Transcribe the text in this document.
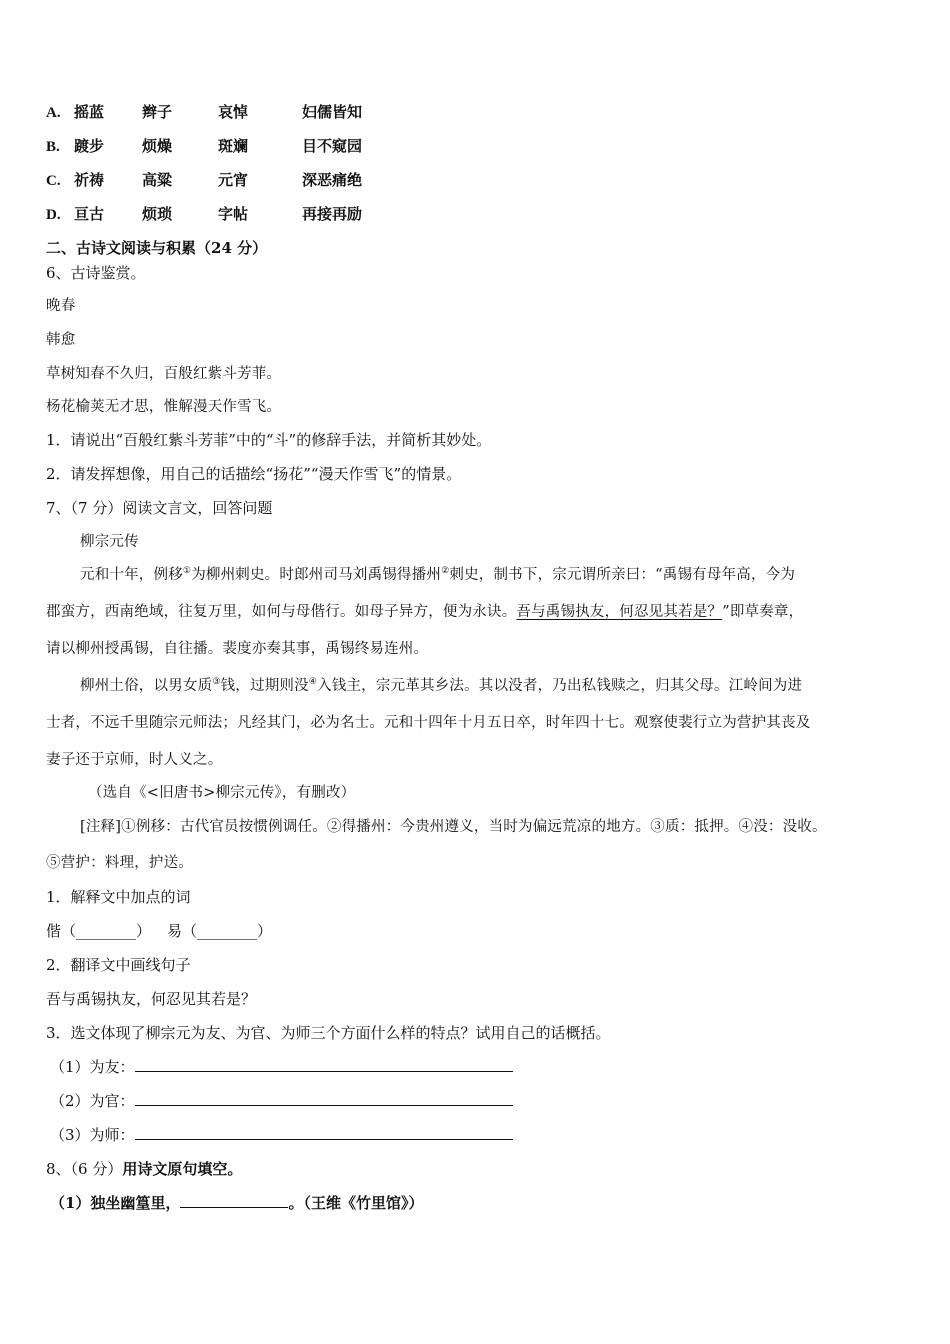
A. 摇蓝	辫子	哀悼	妇儒皆知
B. 踱步	烦燥	斑斓	目不窥园
C. 祈祷	高粱	元宵	深恶痛绝
D. 亘古	烦琐	字帖	再接再励
二、古诗文阅读与积累（24 分）
6、古诗鉴赏。
晚春
韩愈
草树知春不久归，百般红紫斗芳菲。
杨花榆荚无才思，惟解漫天作雪飞。
1．请说出“百般红紫斗芳菲”中的“斗”的修辞手法，并简析其妙处。
2．请发挥想像，用自己的话描绘“扬花”“漫天作雪飞”的情景。
7、（7 分）阅读文言文，回答问题
柳宗元传
元和十年，例移①为柳州刺史。时郎州司马刘禹锡得播州②刺史，制书下，宗元谓所亲曰：“禹锡有母年高，今为
郡蛮方，西南绝域，往复万里，如何与母偕行。如母子异方，便为永诀。吾与禹锡执友，何忍见其若是？”即草奏章，
请以柳州授禹锡，自往播。裴度亦奏其事，禹锡终易连州。
柳州土俗，以男女质③钱，过期则没④入钱主，宗元革其乡法。其以没者，乃出私钱赎之，归其父母。江岭间为进
士者，不远千里随宗元师法；凡经其门，必为名士。元和十四年十月五日卒，时年四十七。观察使裴行立为营护其丧及
妻子还于京师，时人义之。
（选自《<旧唐书>柳宗元传》，有删改）
[注释]①例移：古代官员按惯例调任。②得播州：今贵州遵义，当时为偏远荒凉的地方。③质：抵押。④没：没收。
⑤营护：料理，护送。
1．解释文中加点的词
偕（________） 易（________）
2．翻译文中画线句子
吾与禹锡执友，何忍见其若是？
3．选文体现了柳宗元为友、为官、为师三个方面什么样的特点？试用自己的话概括。
（1）为友：
（2）为官：
（3）为师：
8、（6 分）用诗文原句填空。
（1）独坐幽篁里，	。（王维《竹里馆》）
